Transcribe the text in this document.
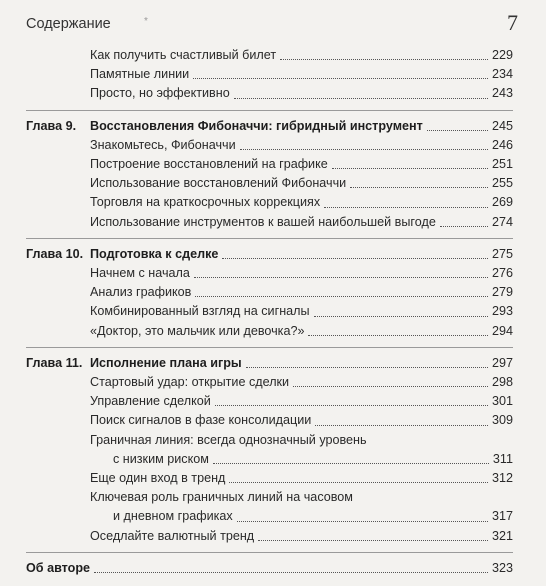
Содержание	*	7
Как получить счастливый билет	229
Памятные линии	234
Просто, но эффективно	243
Глава 9.	Восстановления Фибоначчи: гибридный инструмент	245
Знакомьтесь, Фибоначчи	246
Построение восстановлений на графике	251
Использование восстановлений Фибоначчи	255
Торговля на краткосрочных коррекциях	269
Использование инструментов к вашей наибольшей выгоде	274
Глава 10. Подготовка к сделке	275
Начнем с начала	276
Анализ графиков	279
Комбинированный взгляд на сигналы	293
«Доктор, это мальчик или девочка?»	294
Глава 11. Исполнение плана игры	297
Стартовый удар: открытие сделки	298
Управление сделкой	301
Поиск сигналов в фазе консолидации	309
Граничная линия: всегда однозначный уровень
с низким риском	311
Еще один вход в тренд	312
Ключевая роль граничных линий на часовом
и дневном графиках	317
Оседлайте валютный тренд	321
Об авторе	323
